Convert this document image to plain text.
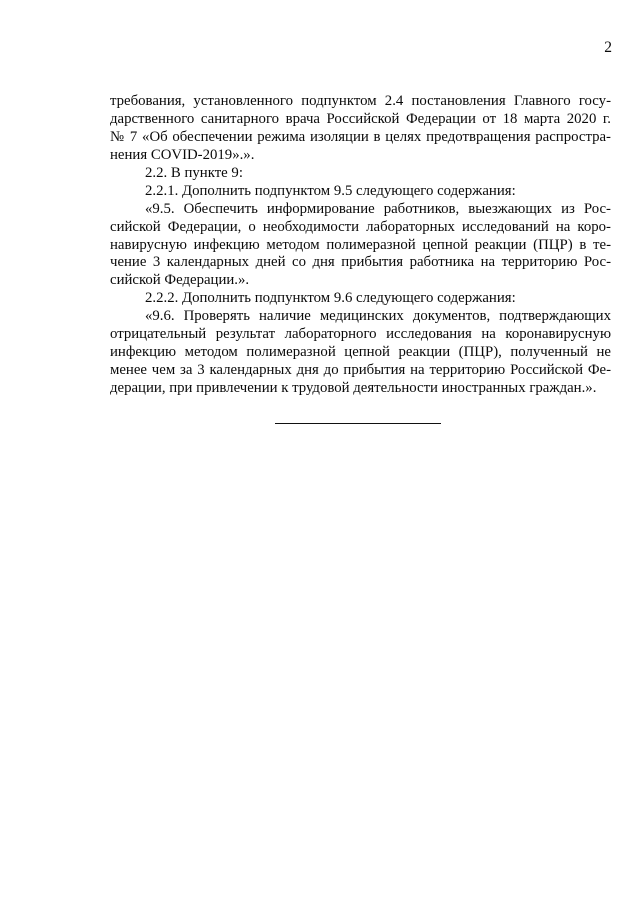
2
требования, установленного подпунктом 2.4 постановления Главного госу-
дарственного санитарного врача Российской Федерации от 18 марта 2020 г.
№ 7 «Об обеспечении режима изоляции в целях предотвращения распростра-
нения COVID-2019».».
2.2. В пункте 9:
2.2.1. Дополнить подпунктом 9.5 следующего содержания:
«9.5. Обеспечить информирование работников, выезжающих из Рос-
сийской Федерации, о необходимости лабораторных исследований на коро-
навирусную инфекцию методом полимеразной цепной реакции (ПЦР) в те-
чение 3 календарных дней со дня прибытия работника на территорию Рос-
сийской Федерации.».
2.2.2. Дополнить подпунктом 9.6 следующего содержания:
«9.6. Проверять наличие медицинских документов, подтверждающих
отрицательный результат лабораторного исследования на коронавирусную
инфекцию методом полимеразной цепной реакции (ПЦР), полученный не
менее чем за 3 календарных дня до прибытия на территорию Российской Фе-
дерации, при привлечении к трудовой деятельности иностранных граждан.».
